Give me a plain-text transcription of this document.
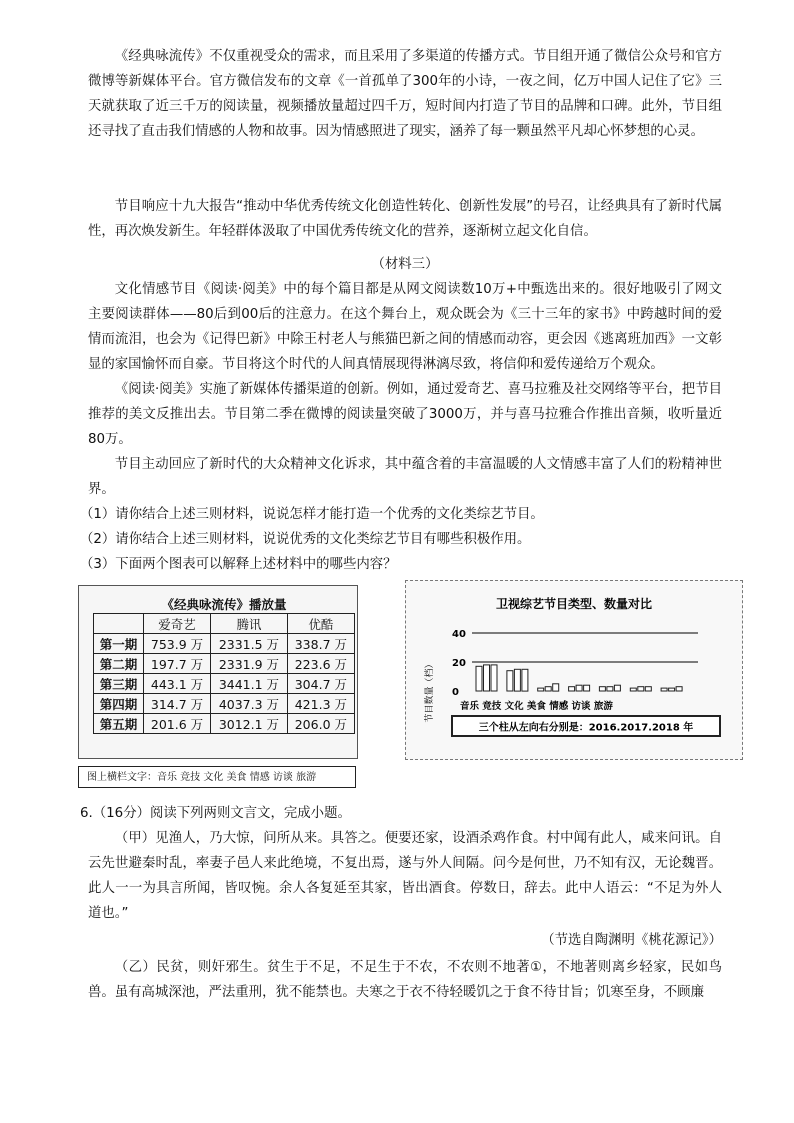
《经典咏流传》不仅重视受众的需求，而且采用了多渠道的传播方式。节目组开通了微信公众号和官方微博等新媒体平台。官方微信发布的文章《一首孤单了300年的小诗，一夜之间，亿万中国人记住了它》三天就获取了近三千万的阅读量，视频播放量超过四千万，短时间内打造了节目的品牌和口碑。此外，节目组还寻找了直击我们情感的人物和故事。因为情感照进了现实，涵养了每一颗虽然平凡却心怀梦想的心灵。

节目响应十九大报告“推动中华优秀传统文化创造性转化、创新性发展”的号召，让经典具有了新时代属性，再次焕发新生。年轻群体汲取了中国优秀传统文化的营养，逐渐树立起文化自信。

（材料三）

文化情感节目《阅读·阅美》中的每个篇目都是从网文阅读数10万+中甄选出来的。很好地吸引了网文主要阅读群体——80后到00后的注意力。在这个舞台上，观众既会为《三十三年的家书》中跨越时间的爱情而流泪，也会为《记得巴新》中除王村老人与熊猫巴新之间的情感而动容，更会因《逃离班加西》一文彰显的家国愉怀而自豪。节目将这个时代的人间真情展现得淋漓尽致，将信仰和爱传递给万个观众。

《阅读·阅美》实施了新媒体传播渠道的创新。例如，通过爱奇艺、喜马拉雅及社交网络等平台，把节目推荐的美文反推出去。节目第二季在微博的阅读量突破了3000万，并与喜马拉雅合作推出音频，收听量近80万。

节目主动回应了新时代的大众精神文化诉求，其中蕴含着的丰富温暖的人文情感丰富了人们的粉精神世界。

（1）请你结合上述三则材料，说说怎样才能打造一个优秀的文化类综艺节目。
（2）请你结合上述三则材料，说说优秀的文化类综艺节目有哪些积极作用。
（3）下面两个图表可以解释上述材料中的哪些内容？
《经典咏流传》播放量			
	爱奇艺	腾讯	优酷
第一期	753.9 万	2331.5 万	338.7 万
第二期	197.7 万	2331.9 万	223.6 万
第三期	443.1 万	3441.1 万	304.7 万
第四期	314.7 万	4037.3 万	421.3 万
第五期	201.6 万	3012.1 万	206.0 万
卫视综艺节目类型、数量对比
节目数量（档）
40
20
0
音乐 竞技 文化 美食 情感 访谈 旅游
三个柱从左向右分别是：2016.2017.2018 年
图上横栏文字：音乐 竞技 文化 美食 情感 访谈 旅游
6.（16分）阅读下列两则文言文，完成小题。

（甲）见渔人，乃大惊，问所从来。具答之。便要还家，设酒杀鸡作食。村中闻有此人，咸来问讯。自云先世避秦时乱，率妻子邑人来此绝境，不复出焉，遂与外人间隔。问今是何世，乃不知有汉，无论魏晋。此人一一为具言所闻，皆叹惋。余人各复延至其家，皆出酒食。停数日，辞去。此中人语云：“不足为外人道也。”

（节选自陶渊明《桃花源记》）

（乙）民贫，则奸邪生。贫生于不足，不足生于不农，不农则不地著①，不地著则离乡轻家，民如鸟兽。虽有高城深池，严法重刑，犹不能禁也。夫寒之于衣不待轻暖饥之于食不待甘旨；饥寒至身，不顾廉
